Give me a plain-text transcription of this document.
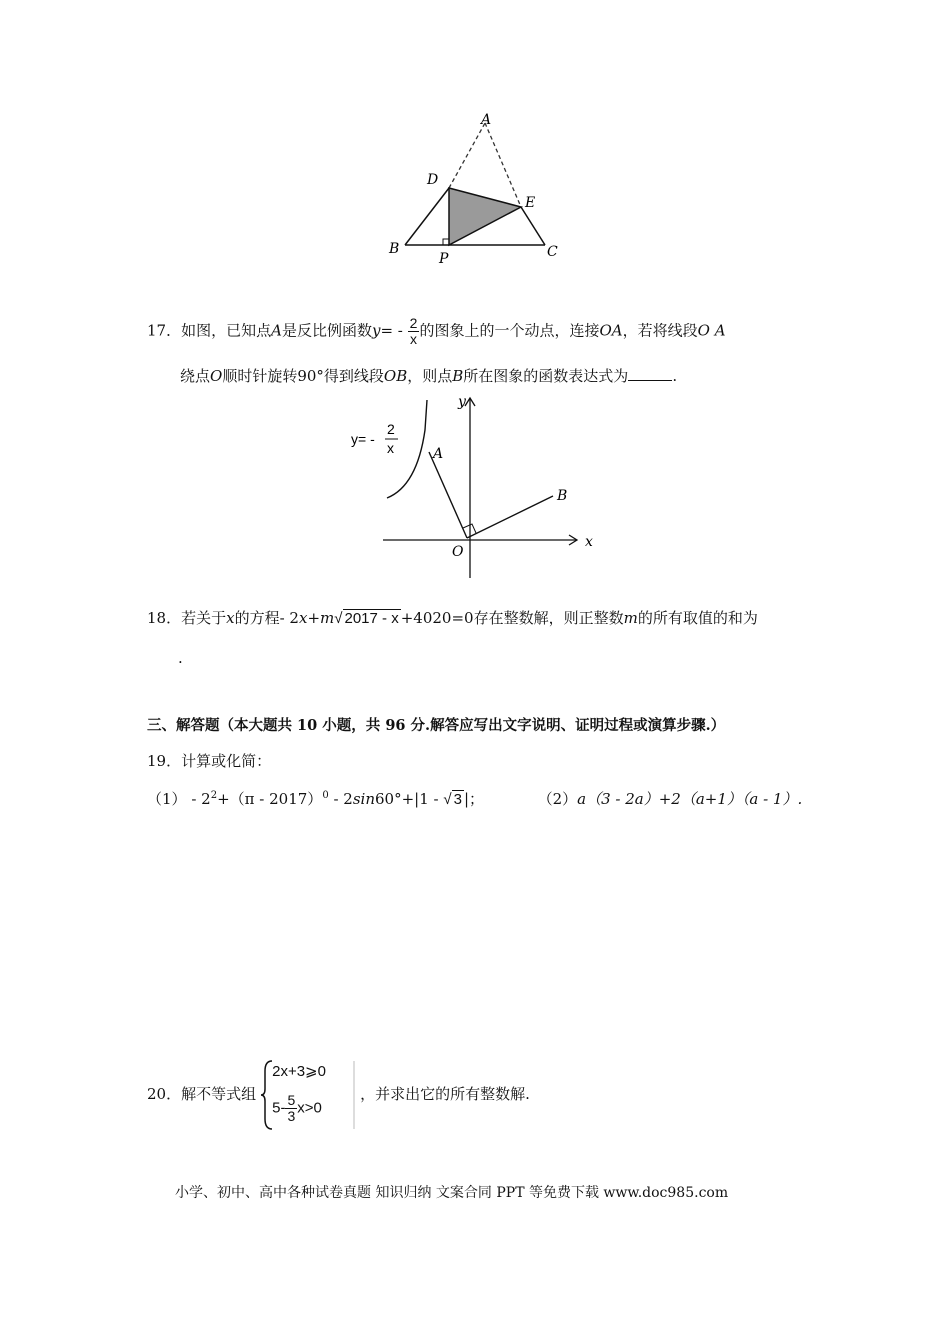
A
D
E
B
P	C
17．如图，已知点A是反比例函数$y= - \frac{2}{x}$ 的图象上的一个动点，连接OA，若将线段O A
绕点O顺时针旋转90°得到线段OB，则点B所在图象的函数表达式为	.
y= -
2
x	A
B
O
x
y
18．若关于x的方程- 2x+m√ 2017 - x +4020=0存在整数解，则正整数m的所有取值的和为
.
三、解答题（本大题共 10 小题，共 96 分.解答应写出文字说明、证明过程或演算步骤.）
19．计算或化简：
$(1) - 2^2+(\pi - 2017)^0 - 2\sin 60^\circ+|1$ - √ 3 |；	（2）a（3 - 2a）+2（a+1）（a - 1）.
20．解不等式组
2x+3⩾0
$5- \frac{5}{3} x>0$
，并求出它的所有整数解.
小学、初中、高中各种试卷真题 知识归纳 文案合同 PPT 等免费下载 www.doc985.com
